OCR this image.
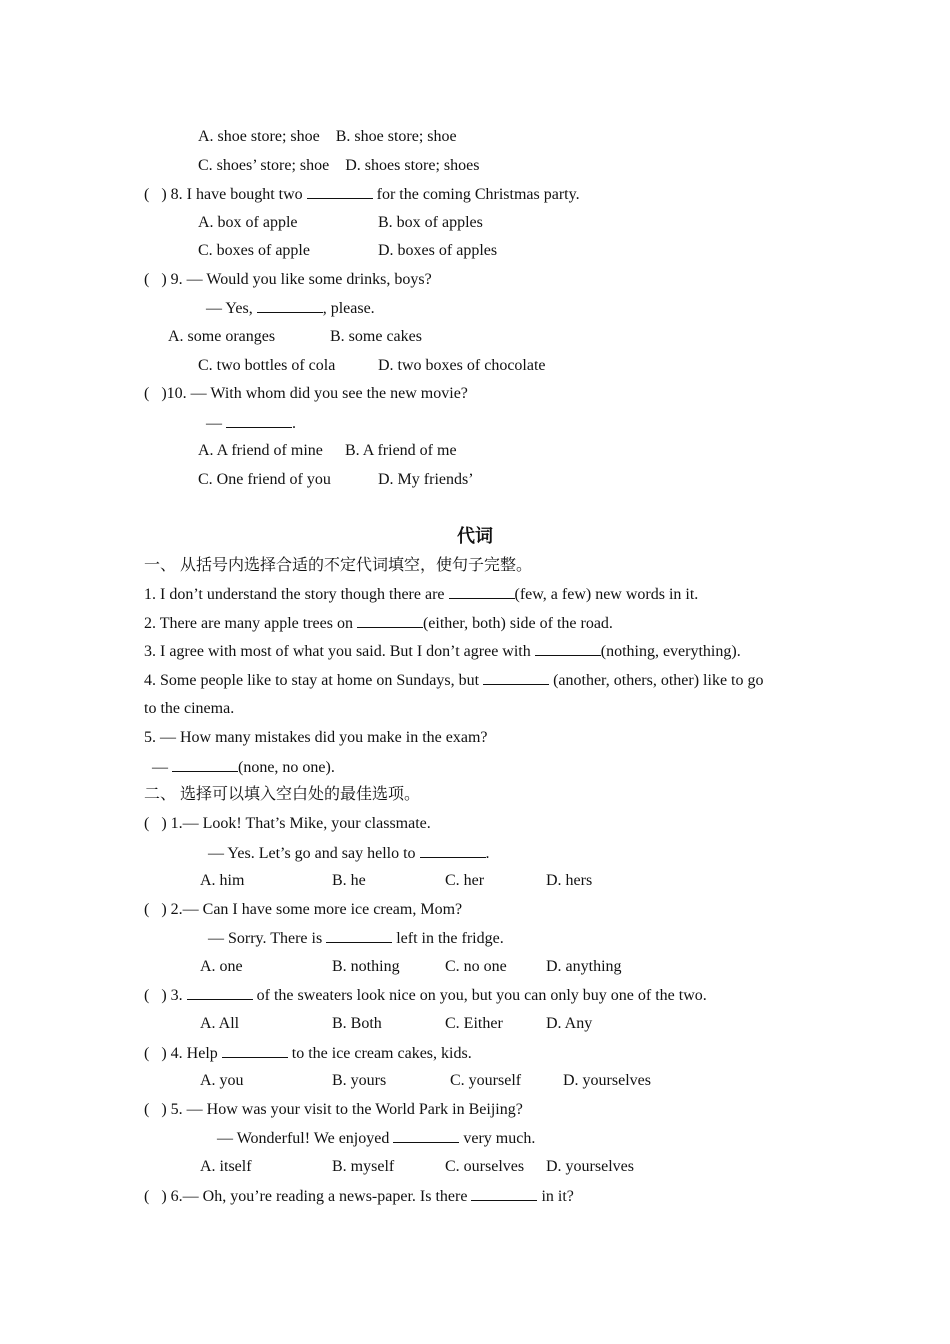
A. shoe store; shoe    B. shoe store; shoe
C. shoes’ store; shoe    D. shoes store; shoes
(   ) 8. I have bought two	for the coming Christmas party.
A. box of apple	B. box of apples
C. boxes of apple	D. boxes of apples
(   ) 9. — Would you like some drinks, boys?
— Yes,	, please.
A. some oranges	B. some cakes
C. two bottles of cola	D. two boxes of chocolate
(   )10. — With whom did you see the new movie?
—	.
A. A friend of mine B. A friend of me
C. One friend of you	D. My friends’
代词
一、 从括号内选择合适的不定代词填空，使句子完整。
1. I don’t understand the story though there are	(few, a few) new words in it.
2. There are many apple trees on	(either, both) side of the road.
3. I agree with most of what you said. But I don’t agree with	(nothing, everything).
4. Some people like to stay at home on Sundays, but	(another, others, other) like to go
to the cinema.
5. — How many mistakes did you make in the exam?
—	(none, no one).
二、 选择可以填入空白处的最佳选项。
(   ) 1.— Look! That’s Mike, your classmate.
— Yes. Let’s go and say hello to	.
A. him	B. he	C. her	D. hers
(   ) 2.— Can I have some more ice cream, Mom?
— Sorry. There is	left in the fridge.
A. one	B. nothing	C. no one D. anything
(   ) 3.	of the sweaters look nice on you, but you can only buy one of the two.
A. All	B. Both	C. Either	D. Any
(   ) 4. Help	to the ice cream cakes, kids.
A. you	B. yours	C. yourself	D. yourselves
(   ) 5. — How was your visit to the World Park in Beijing?
— Wonderful! We enjoyed	very much.
A. itself	B. myself	C. ourselves D. yourselves
(   ) 6.— Oh, you’re reading a news-paper. Is there	in it?
